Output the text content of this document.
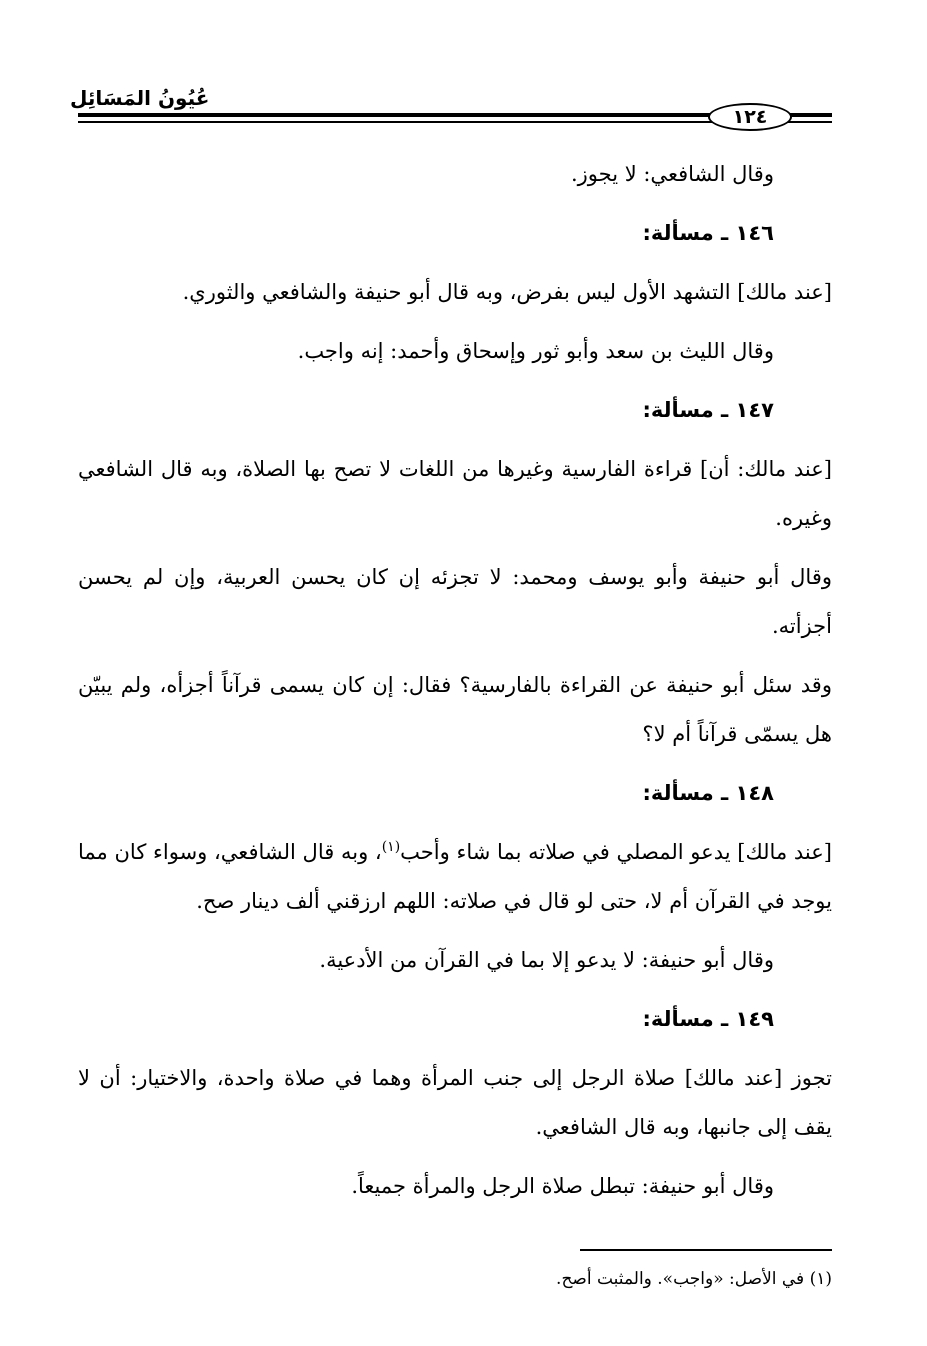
عُيُونُ المَسَائِل
١٢٤

وقال الشافعي: لا يجوز.

١٤٦ ـ مسألة:

[عند مالك] التشهد الأول ليس بفرض، وبه قال أبو حنيفة والشافعي والثوري.

وقال الليث بن سعد وأبو ثور وإسحاق وأحمد: إنه واجب.

١٤٧ ـ مسألة:

[عند مالك: أن] قراءة الفارسية وغيرها من اللغات لا تصح بها الصلاة، وبه قال الشافعي وغيره.

وقال أبو حنيفة وأبو يوسف ومحمد: لا تجزئه إن كان يحسن العربية، وإن لم يحسن أجزأته.

وقد سئل أبو حنيفة عن القراءة بالفارسية؟ فقال: إن كان يسمى قرآناً أجزأه، ولم يبيّن هل يسمّى قرآناً أم لا؟

١٤٨ ـ مسألة:

[عند مالك] يدعو المصلي في صلاته بما شاء وأحب$^{(١)}$، وبه قال الشافعي، وسواء كان مما يوجد في القرآن أم لا، حتى لو قال في صلاته: اللهم ارزقني ألف دينار صح.

وقال أبو حنيفة: لا يدعو إلا بما في القرآن من الأدعية.

١٤٩ ـ مسألة:

تجوز [عند مالك] صلاة الرجل إلى جنب المرأة وهما في صلاة واحدة، والاختيار: أن لا يقف إلى جانبها، وبه قال الشافعي.

وقال أبو حنيفة: تبطل صلاة الرجل والمرأة جميعاً.

(١) في الأصل: «واجب». والمثبت أصح.
